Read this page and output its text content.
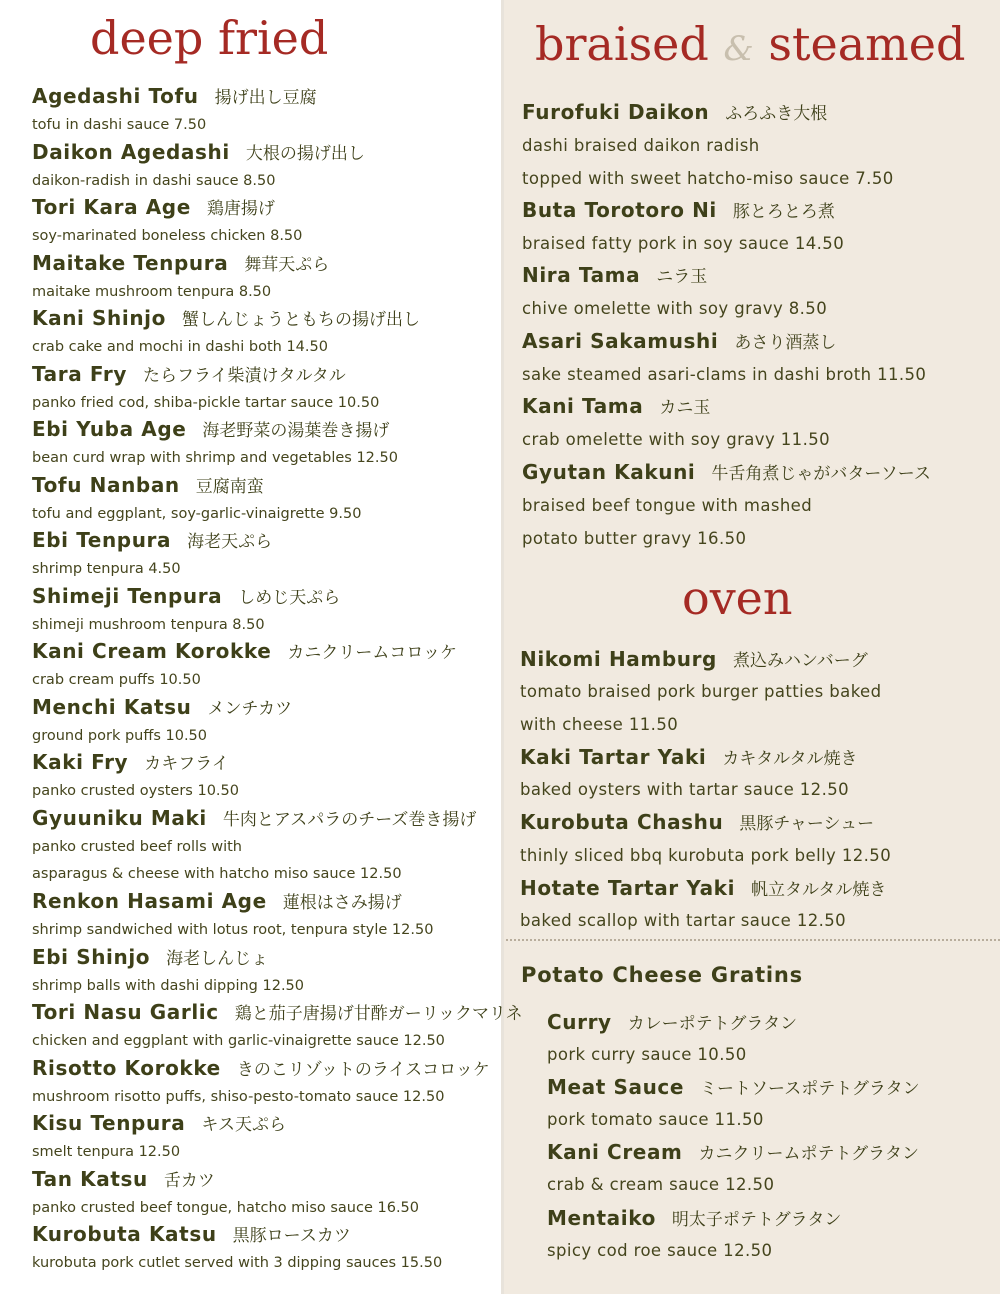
deep fried
Agedashi Tofu 揚げ出し豆腐
tofu in dashi sauce 7.50
Daikon Agedashi 大根の揚げ出し
daikon-radish in dashi sauce 8.50
Tori Kara Age 鶏唐揚げ
soy-marinated boneless chicken 8.50
Maitake Tenpura 舞茸天ぷら
maitake mushroom tenpura 8.50
Kani Shinjo 蟹しんじょうともちの揚げ出し
crab cake and mochi in dashi both 14.50
Tara Fry たらフライ柴漬けタルタル
panko fried cod, shiba-pickle tartar sauce 10.50
Ebi Yuba Age 海老野菜の湯葉巻き揚げ
bean curd wrap with shrimp and vegetables 12.50
Tofu Nanban 豆腐南蛮
tofu and eggplant, soy-garlic-vinaigrette 9.50
Ebi Tenpura 海老天ぷら
shrimp tenpura 4.50
Shimeji Tenpura しめじ天ぷら
shimeji mushroom tenpura 8.50
Kani Cream Korokke カニクリームコロッケ
crab cream puffs 10.50
Menchi Katsu メンチカツ
ground pork puffs 10.50
Kaki Fry カキフライ
panko crusted oysters 10.50
Gyuuniku Maki 牛肉とアスパラのチーズ巻き揚げ
panko crusted beef rolls with
asparagus & cheese with hatcho miso sauce 12.50
Renkon Hasami Age 蓮根はさみ揚げ
shrimp sandwiched with lotus root, tenpura style 12.50
Ebi Shinjo 海老しんじょ
shrimp balls with dashi dipping 12.50
Tori Nasu Garlic 鶏と茄子唐揚げ甘酢ガーリックマリネ
chicken and eggplant with garlic-vinaigrette sauce 12.50
Risotto Korokke きのこリゾットのライスコロッケ
mushroom risotto puffs, shiso-pesto-tomato sauce 12.50
Kisu Tenpura キス天ぷら
smelt tenpura 12.50
Tan Katsu 舌カツ
panko crusted beef tongue, hatcho miso sauce 16.50
Kurobuta Katsu 黒豚ロースカツ
kurobuta pork cutlet served with 3 dipping sauces 15.50
braised & steamed
Furofuki Daikon ふろふき大根
dashi braised daikon radish
topped with sweet hatcho-miso sauce 7.50
Buta Torotoro Ni 豚とろとろ煮
braised fatty pork in soy sauce 14.50
Nira Tama ニラ玉
chive omelette with soy gravy 8.50
Asari Sakamushi あさり酒蒸し
sake steamed asari-clams in dashi broth 11.50
Kani Tama カニ玉
crab omelette with soy gravy 11.50
Gyutan Kakuni 牛舌角煮じゃがバターソース
braised beef tongue with mashed
potato butter gravy 16.50
oven
Nikomi Hamburg 煮込みハンバーグ
tomato braised pork burger patties baked
with cheese 11.50
Kaki Tartar Yaki カキタルタル焼き
baked oysters with tartar sauce 12.50
Kurobuta Chashu 黒豚チャーシュー
thinly sliced bbq kurobuta pork belly 12.50
Hotate Tartar Yaki 帆立タルタル焼き
baked scallop with tartar sauce 12.50
Potato Cheese Gratins
Curry カレーポテトグラタン
pork curry sauce 10.50
Meat Sauce ミートソースポテトグラタン
pork tomato sauce 11.50
Kani Cream カニクリームポテトグラタン
crab & cream sauce 12.50
Mentaiko 明太子ポテトグラタン
spicy cod roe sauce 12.50
